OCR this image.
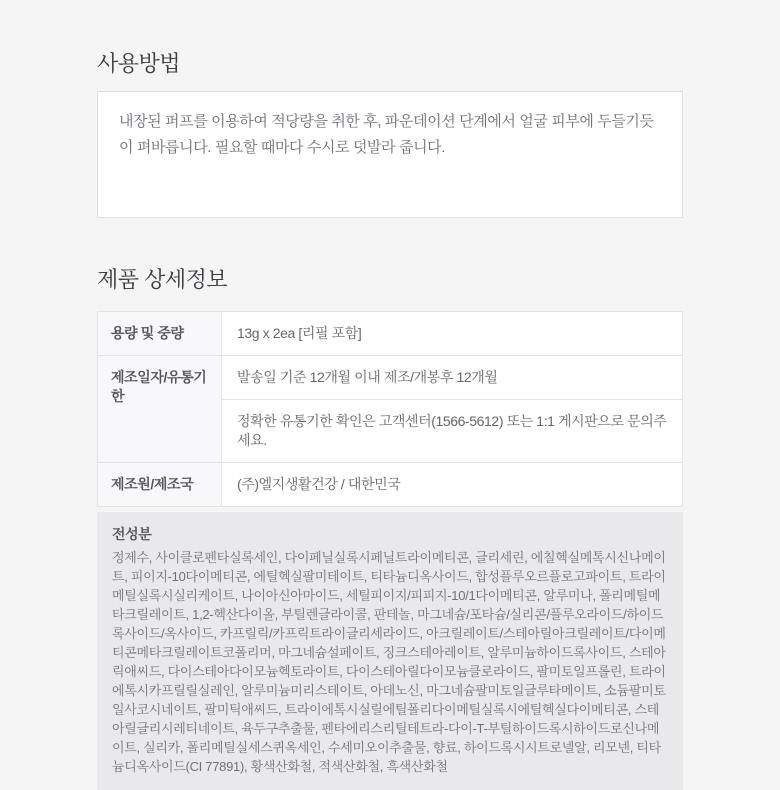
사용방법

내장된 퍼프를 이용하여 적당량을 취한 후, 파운데이션 단계에서 얼굴 피부에 두들기듯이 펴바릅니다. 필요할 때마다 수시로 덧발라 줍니다.

제품 상세정보
용량 및 중량	13g x 2ea [리필 포함]
제조일자/유통기한	발송일 기준 12개월 이내 제조/개봉후 12개월
	정확한 유통기한 확인은 고객센터(1566-5612) 또는 1:1 게시판으로 문의주세요.
제조원/제조국	(주)엘지생활건강 / 대한민국

전성분

정제수, 사이클로펜타실록세인, 다이페닐실록시페닐트라이메티콘, 글리세린, 에칠헥실메톡시신나메이트, 피이지-10다이메티콘, 에틸헥실팔미테이트, 티타늄디옥사이드, 합성플루오르플로고파이트, 트라이메틸실록시실리케이트, 나이아신아마이드, 세틸피이지/피피지-10/1다이메티콘, 알루미나, 폴리메틸메타크릴레이트, 1,2-헥산다이올, 부틸렌글라이콜, 판테놀, 마그네슘/포타슘/실리콘/플루오라이드/하이드록사이드/옥사이드, 카프릴릭/카프릭트라이글리세라이드, 아크릴레이트/스테아릴아크릴레이트/다이메티콘메타크릴레이트코폴리머, 마그네슘설페이트, 징크스테아레이트, 알루미늄하이드록사이드, 스테아릭애씨드, 다이스테아다이모늄헥토라이트, 다이스테아릴다이모늄클로라이드, 팔미토일프롤린, 트라이에톡시카프릴릴실레인, 알루미늄미리스테이트, 아데노신, 마그네슘팔미토일글루타메이트, 소듐팔미토일사코시네이트, 팔미틱애씨드, 트라이에톡시실릴에틸폴리다이메틸실록시에틸헥실다이메티콘, 스테아릴글리시레티네이트, 육두구추출물, 펜타에리스리틸테트라-다이-T-부틸하이드록시하이드로신나메이트, 실리카, 폴리메틸실세스퀴옥세인, 수세미오이추출물, 향료, 하이드록시시트로넬알, 리모넨, 티타늄디옥사이드(CI 77891), 황색산화철, 적색산화철, 흑색산화철
